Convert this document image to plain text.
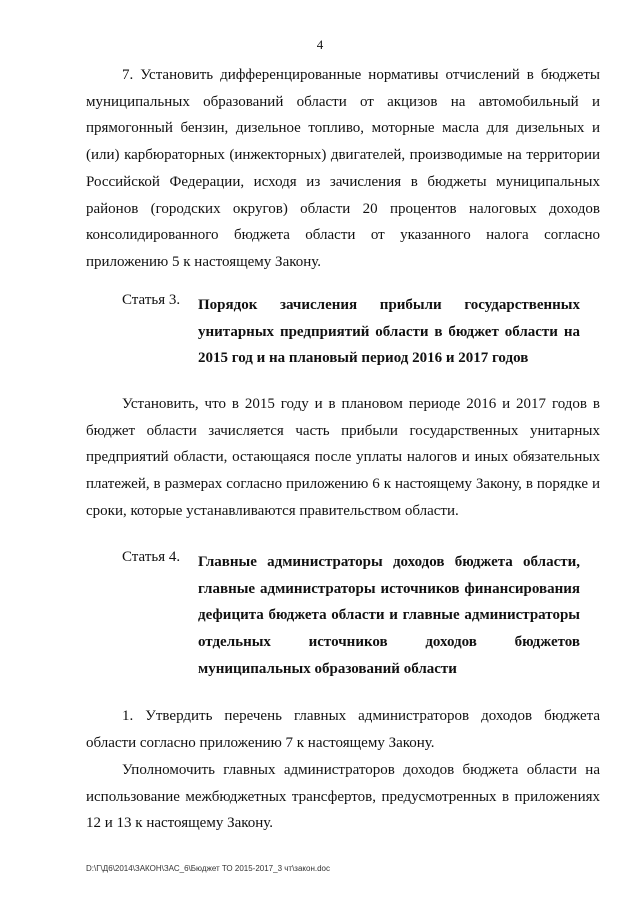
4

7. Установить дифференцированные нормативы отчислений в бюджеты муниципальных образований области от акцизов на автомобильный и прямогонный бензин, дизельное топливо, моторные масла для дизельных и (или) карбюраторных (инжекторных) двигателей, производимые на территории Российской Федерации, исходя из зачисления в бюджеты муниципальных районов (городских округов) области 20 процентов налоговых доходов консолидированного бюджета области от указанного налога согласно приложению 5 к настоящему Закону.

Статья 3. Порядок зачисления прибыли государственных унитарных предприятий области в бюджет области на 2015 год и на плановый период 2016 и 2017 годов

Установить, что в 2015 году и в плановом периоде 2016 и 2017 годов в бюджет области зачисляется часть прибыли государственных унитарных предприятий области, остающаяся после уплаты налогов и иных обязательных платежей, в размерах согласно приложению 6 к настоящему Закону, в порядке и сроки, которые устанавливаются правительством области.

Статья 4. Главные администраторы доходов бюджета области, главные администраторы источников финансирования дефицита бюджета области и главные администраторы отдельных источников доходов бюджетов муниципальных образований области

1. Утвердить перечень главных администраторов доходов бюджета области согласно приложению 7 к настоящему Закону.

Уполномочить главных администраторов доходов бюджета области на использование межбюджетных трансфертов, предусмотренных в приложениях 12 и 13 к настоящему Закону.

D:\Г\Д6\2014\ЗАКОН\ЗАС_6\Бюджет ТО 2015-2017_3 чт\закон.doc
